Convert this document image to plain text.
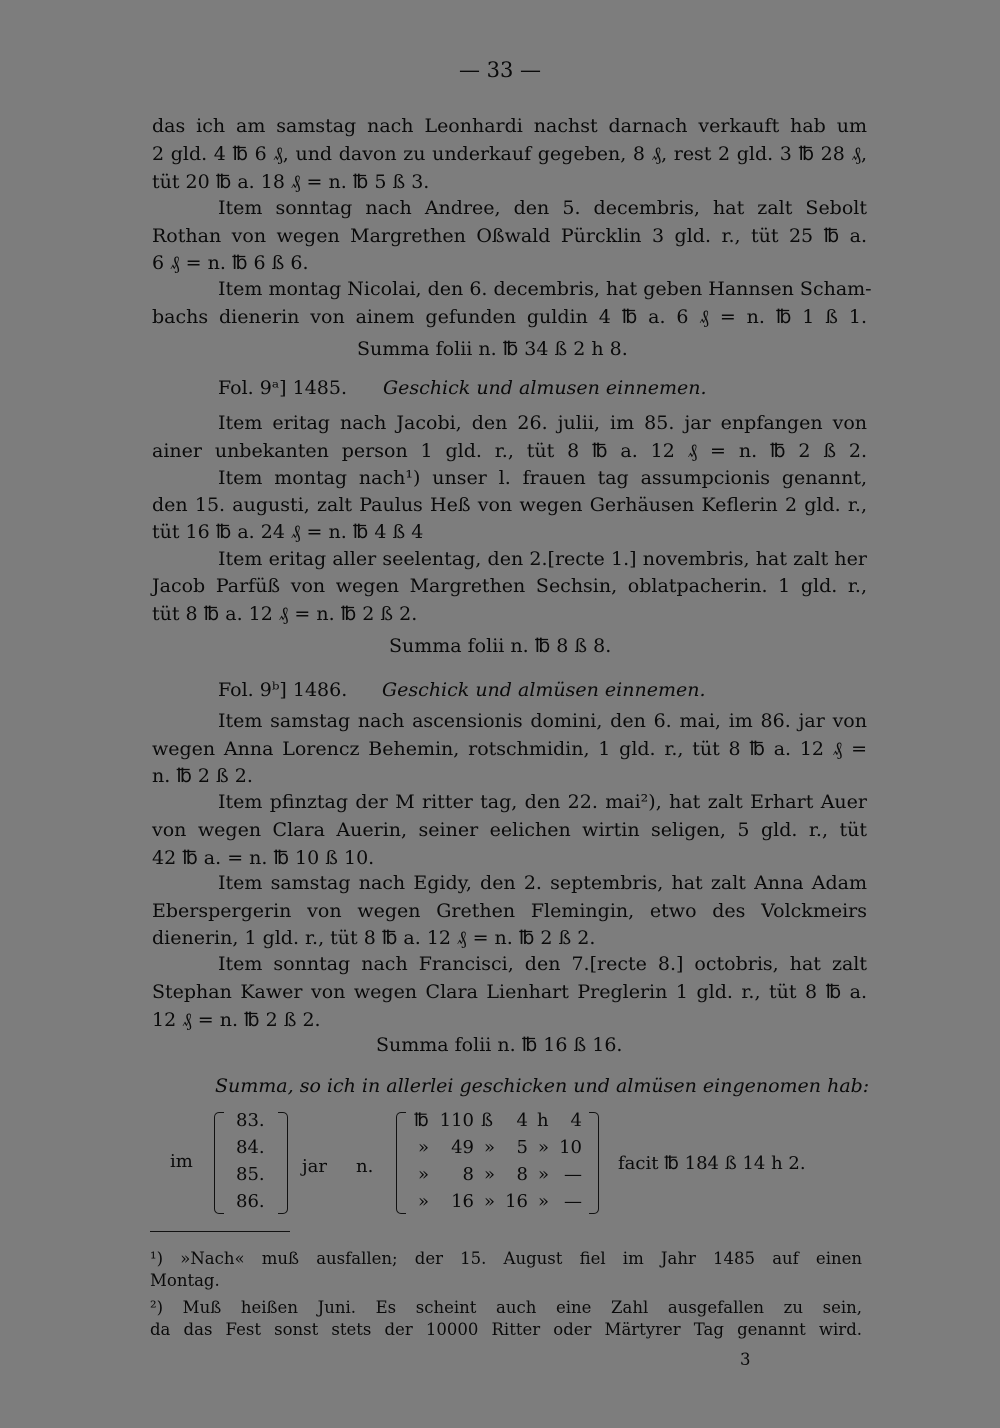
— 33 —
das ich am samstag nach Leonhardi nachst darnach verkauft hab um
2 gld. 4 ℔ 6 ₰, und davon zu underkauf gegeben, 8 ₰, rest 2 gld. 3 ℔ 28 ₰,
tüt 20 ℔ a. 18 ₰ = n. ℔ 5 ß 3.
Item sonntag nach Andree, den 5. decembris, hat zalt Sebolt
Rothan von wegen Margrethen Oßwald Pürcklin 3 gld. r., tüt 25 ℔ a.
6 ₰ = n. ℔ 6 ß 6.
Item montag Nicolai, den 6. decembris, hat geben Hannsen Scham-
bachs dienerin von ainem gefunden guldin 4 ℔ a. 6 ₰ = n. ℔ 1 ß 1.
Summa folii n. ℔ 34 ß 2 h 8.
Fol. 9ᵃ] 1485. Geschick und almusen einnemen.
Item eritag nach Jacobi, den 26. julii, im 85. jar enpfangen von
ainer unbekanten person 1 gld. r., tüt 8 ℔ a. 12 ₰ = n. ℔ 2 ß 2.
Item montag nach¹) unser l. frauen tag assumpcionis genannt,
den 15. augusti, zalt Paulus Heß von wegen Gerhäusen Keflerin 2 gld. r.,
tüt 16 ℔ a. 24 ₰ = n. ℔ 4 ß 4
Item eritag aller seelentag, den 2.[recte 1.] novembris, hat zalt her
Jacob Parfüß von wegen Margrethen Sechsin, oblatpacherin. 1 gld. r.,
tüt 8 ℔ a. 12 ₰ = n. ℔ 2 ß 2.
Summa folii n. ℔ 8 ß 8.
Fol. 9ᵇ] 1486. Geschick und almüsen einnemen.
Item samstag nach ascensionis domini, den 6. mai, im 86. jar von
wegen Anna Lorencz Behemin, rotschmidin, 1 gld. r., tüt 8 ℔ a. 12 ₰ =
n. ℔ 2 ß 2.
Item pfinztag der M ritter tag, den 22. mai²), hat zalt Erhart Auer
von wegen Clara Auerin, seiner eelichen wirtin seligen, 5 gld. r., tüt
42 ℔ a. = n. ℔ 10 ß 10.
Item samstag nach Egidy, den 2. septembris, hat zalt Anna Adam
Eberspergerin von wegen Grethen Flemingin, etwo des Volckmeirs
dienerin, 1 gld. r., tüt 8 ℔ a. 12 ₰ = n. ℔ 2 ß 2.
Item sonntag nach Francisci, den 7.[recte 8.] octobris, hat zalt
Stephan Kawer von wegen Clara Lienhart Preglerin 1 gld. r., tüt 8 ℔ a.
12 ₰ = n. ℔ 2 ß 2.
Summa folii n. ℔ 16 ß 16.
Summa, so ich in allerlei geschicken und almüsen eingenomen hab:
im
83.
84.
85.
86.
jar n.
℔
»
»
»
110
49
8
16
ß
»
»
»
4
5
8
16
h
»
»
»
4
10
—
—
facit ℔ 184 ß 14 h 2.
¹) »Nach« muß ausfallen; der 15. August fiel im Jahr 1485 auf einen
Montag.
²) Muß heißen Juni. Es scheint auch eine Zahl ausgefallen zu sein,
da das Fest sonst stets der 10000 Ritter oder Märtyrer Tag genannt wird.
3
